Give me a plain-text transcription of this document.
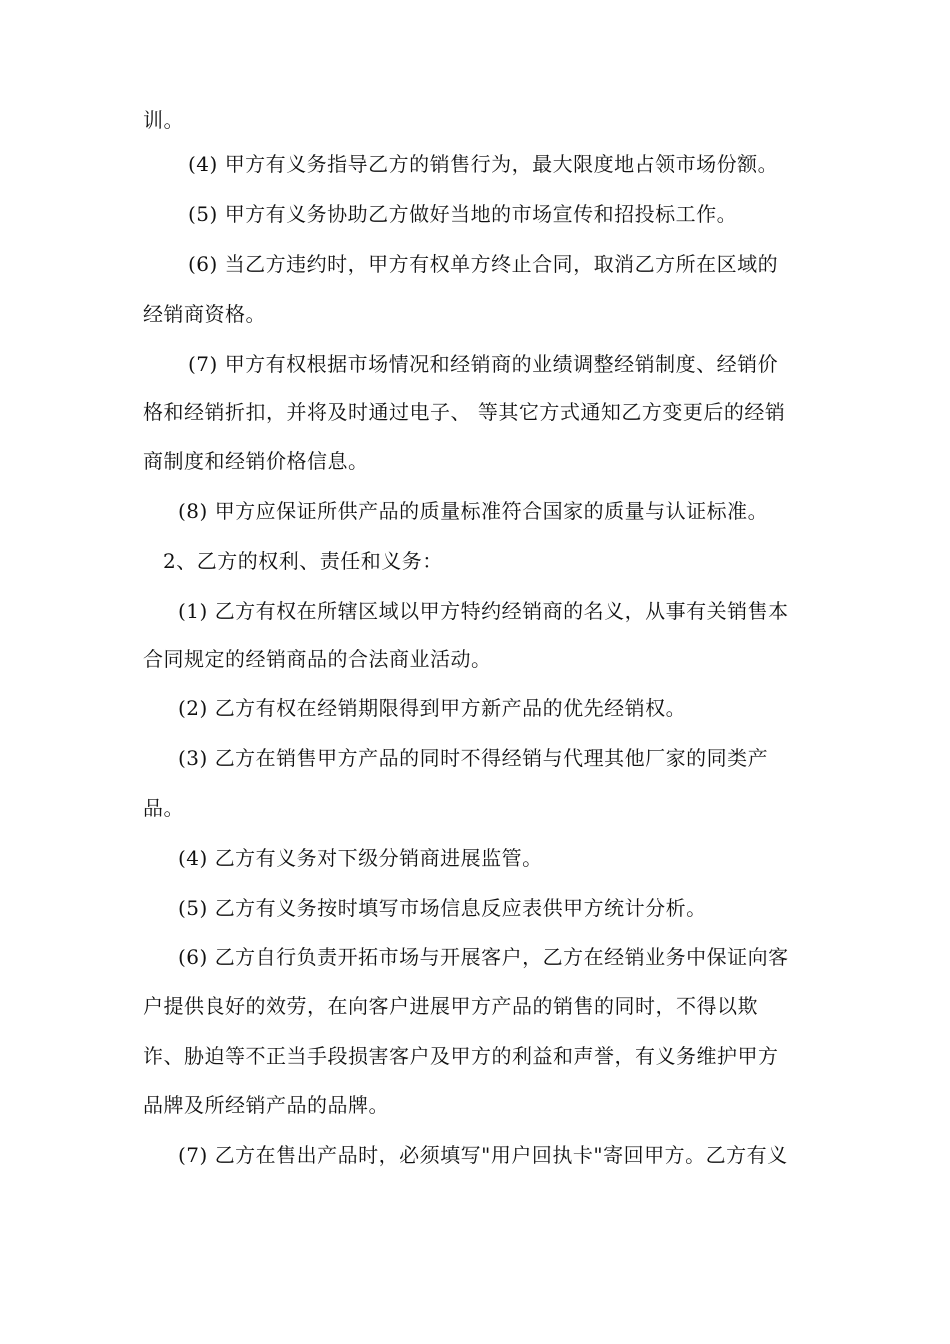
训。
(4) 甲方有义务指导乙方的销售行为，最大限度地占领市场份额。
(5) 甲方有义务协助乙方做好当地的市场宣传和招投标工作。
(6) 当乙方违约时，甲方有权单方终止合同，取消乙方所在区域的
经销商资格。
(7) 甲方有权根据市场情况和经销商的业绩调整经销制度、经销价
格和经销折扣，并将及时通过电子、 等其它方式通知乙方变更后的经销
商制度和经销价格信息。
(8) 甲方应保证所供产品的质量标准符合国家的质量与认证标准。
2、乙方的权利、责任和义务：
(1) 乙方有权在所辖区域以甲方特约经销商的名义，从事有关销售本
合同规定的经销商品的合法商业活动。
(2) 乙方有权在经销期限得到甲方新产品的优先经销权。
(3) 乙方在销售甲方产品的同时不得经销与代理其他厂家的同类产
品。
(4) 乙方有义务对下级分销商进展监管。
(5) 乙方有义务按时填写市场信息反应表供甲方统计分析。
(6) 乙方自行负责开拓市场与开展客户，乙方在经销业务中保证向客
户提供良好的效劳，在向客户进展甲方产品的销售的同时，不得以欺
诈、胁迫等不正当手段损害客户及甲方的利益和声誉，有义务维护甲方
品牌及所经销产品的品牌。
(7) 乙方在售出产品时，必须填写"用户回执卡"寄回甲方。乙方有义
